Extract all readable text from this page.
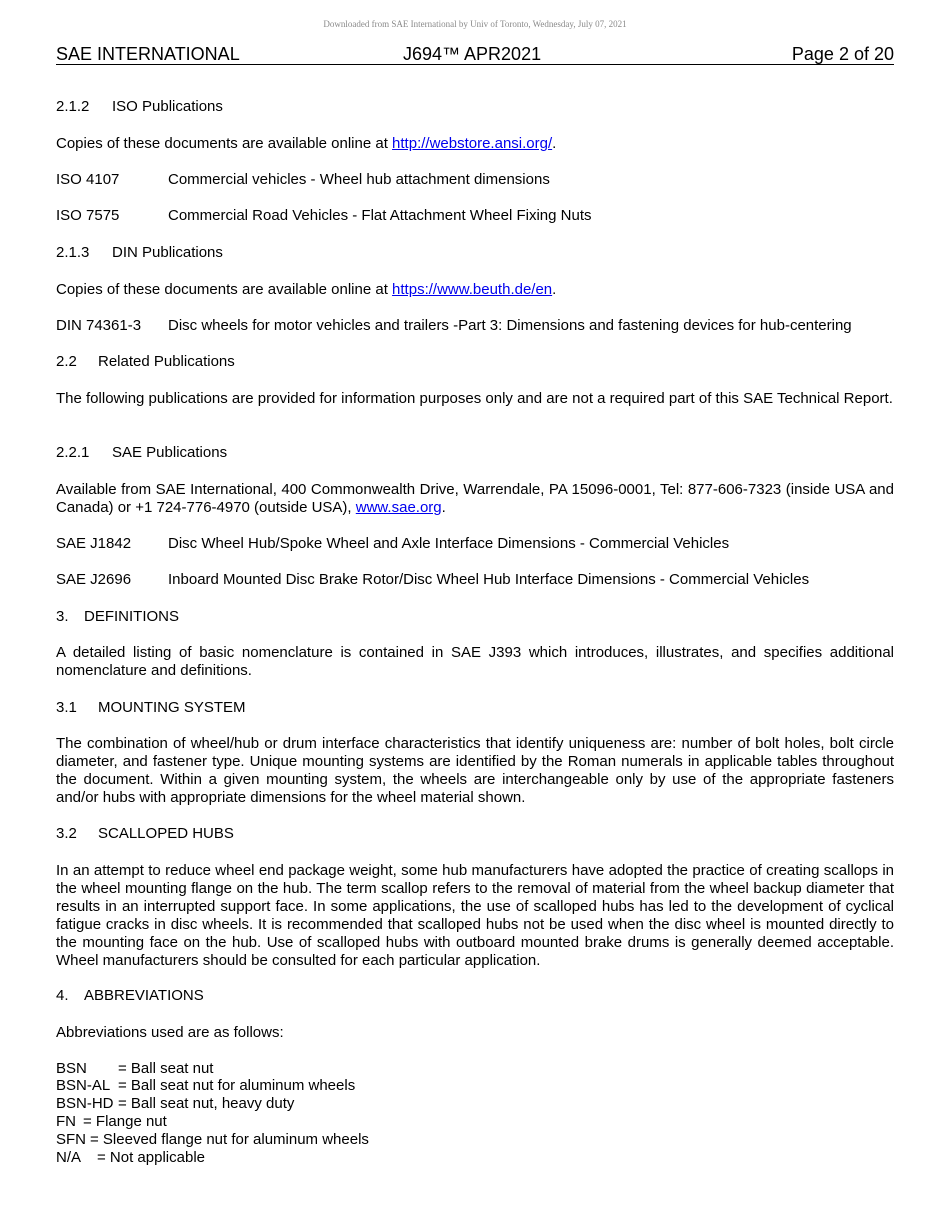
Downloaded from SAE International by Univ of Toronto, Wednesday, July 07, 2021
SAE INTERNATIONAL	J694™ APR2021	Page 2 of 20
2.1.2 ISO Publications
Copies of these documents are available online at http://webstore.ansi.org/.
ISO 4107	Commercial vehicles - Wheel hub attachment dimensions
ISO 7575	Commercial Road Vehicles - Flat Attachment Wheel Fixing Nuts
2.1.3 DIN Publications
Copies of these documents are available online at https://www.beuth.de/en.
DIN 74361-3 Disc wheels for motor vehicles and trailers -Part 3: Dimensions and fastening devices for hub-centering
2.2 Related Publications
The following publications are provided for information purposes only and are not a required part of this SAE Technical Report.
2.2.1 SAE Publications
Available from SAE International, 400 Commonwealth Drive, Warrendale, PA 15096-0001, Tel: 877-606-7323 (inside USA and Canada) or +1 724-776-4970 (outside USA), www.sae.org.
SAE J1842 Disc Wheel Hub/Spoke Wheel and Axle Interface Dimensions - Commercial Vehicles
SAE J2696 Inboard Mounted Disc Brake Rotor/Disc Wheel Hub Interface Dimensions - Commercial Vehicles
3. DEFINITIONS
A detailed listing of basic nomenclature is contained in SAE J393 which introduces, illustrates, and specifies additional nomenclature and definitions.
3.1 MOUNTING SYSTEM
The combination of wheel/hub or drum interface characteristics that identify uniqueness are: number of bolt holes, bolt circle diameter, and fastener type. Unique mounting systems are identified by the Roman numerals in applicable tables throughout the document. Within a given mounting system, the wheels are interchangeable only by use of the appropriate fasteners and/or hubs with appropriate dimensions for the wheel material shown.
3.2 SCALLOPED HUBS
In an attempt to reduce wheel end package weight, some hub manufacturers have adopted the practice of creating scallops in the wheel mounting flange on the hub. The term scallop refers to the removal of material from the wheel backup diameter that results in an interrupted support face. In some applications, the use of scalloped hubs has led to the development of cyclical fatigue cracks in disc wheels. It is recommended that scalloped hubs not be used when the disc wheel is mounted directly to the mounting face on the hub. Use of scalloped hubs with outboard mounted brake drums is generally deemed acceptable. Wheel manufacturers should be consulted for each particular application.
4. ABBREVIATIONS
Abbreviations used are as follows:
BSN = Ball seat nut
BSN-AL = Ball seat nut for aluminum wheels
BSN-HD = Ball seat nut, heavy duty
FN = Flange nut
SFN = Sleeved flange nut for aluminum wheels
N/A = Not applicable
